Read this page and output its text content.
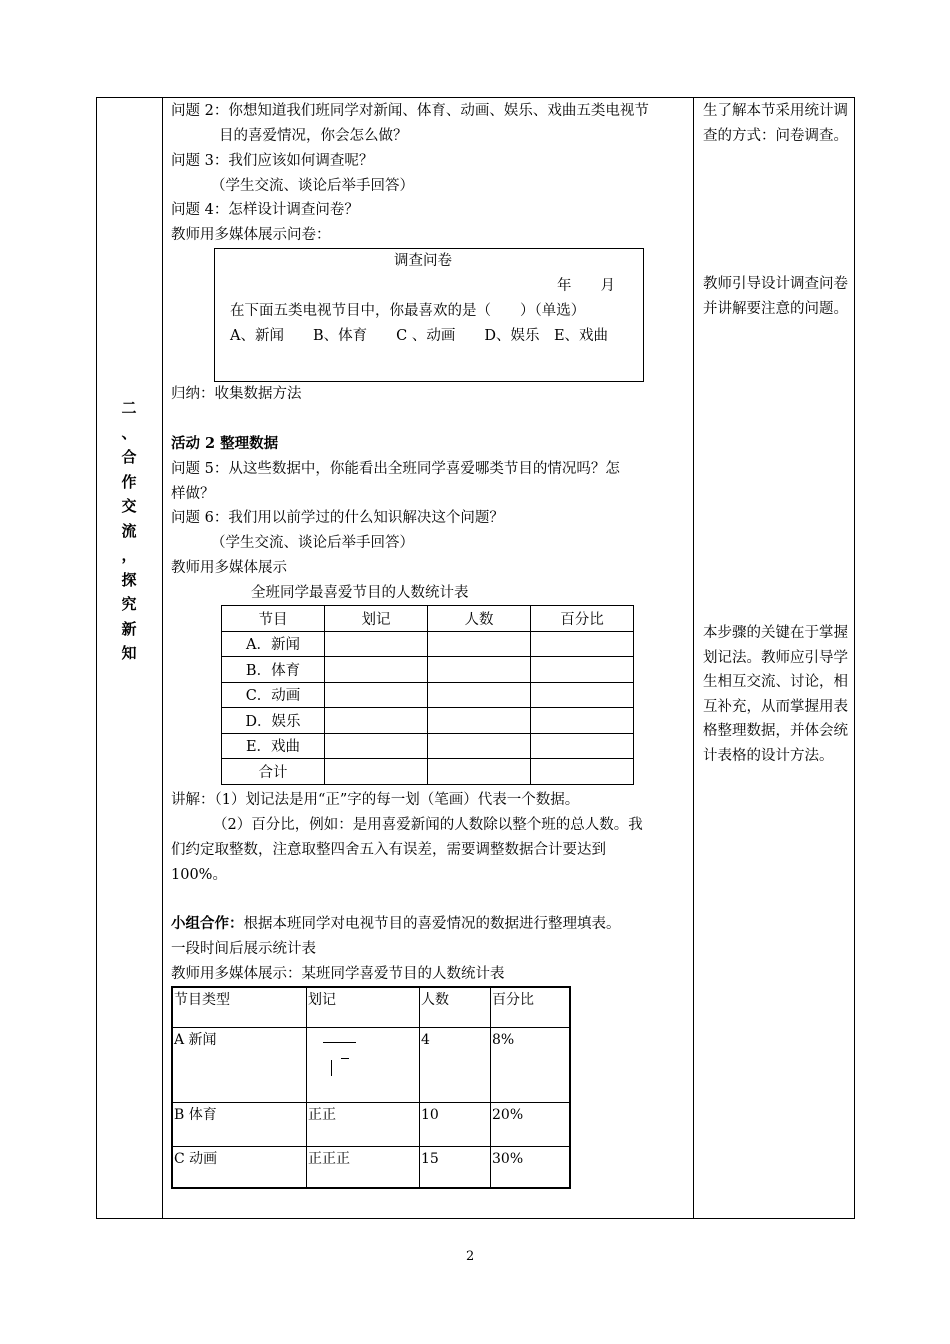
二
、
合
作
交
流
，
探
究
新
知
问题 2：你想知道我们班同学对新闻、体育、动画、娱乐、戏曲五类电视节
目的喜爱情况，你会怎么做？
问题 3：我们应该如何调查呢？
（学生交流、谈论后举手回答）
问题 4：怎样设计调查问卷？
教师用多媒体展示问卷：
调查问卷
年　　月
在下面五类电视节目中，你最喜欢的是（　　）（单选）
A、新闻　　B、体育　　C 、动画　　D、娱乐　E、戏曲
归纳：收集数据方法
活动 2 整理数据
问题 5：从这些数据中，你能看出全班同学喜爱哪类节目的情况吗？怎
样做？
问题 6：我们用以前学过的什么知识解决这个问题？
（学生交流、谈论后举手回答）
教师用多媒体展示
全班同学最喜爱节目的人数统计表
节目	划记	人数	百分比
A．新闻			
B．体育			
C．动画			
D．娱乐			
E．戏曲			
合计			
讲解：（1）划记法是用“正”字的每一划（笔画）代表一个数据。
（2）百分比，例如：是用喜爱新闻的人数除以整个班的总人数。我
们约定取整数，注意取整四舍五入有误差，需要调整数据合计要达到
100%。
小组合作：根据本班同学对电视节目的喜爱情况的数据进行整理填表。
一段时间后展示统计表
教师用多媒体展示：某班同学喜爱节目的人数统计表
节目类型	划记	人数	百分比
A 新闻		4	8%
B 体育	正正	10	20%
C 动画	正正正	15	30%
生了解本节采用统计调查的方式：问卷调查。
教师引导设计调查问卷并讲解要注意的问题。
本步骤的关键在于掌握划记法。教师应引导学生相互交流、讨论，相互补充，从而掌握用表格整理数据，并体会统计表格的设计方法。
2
